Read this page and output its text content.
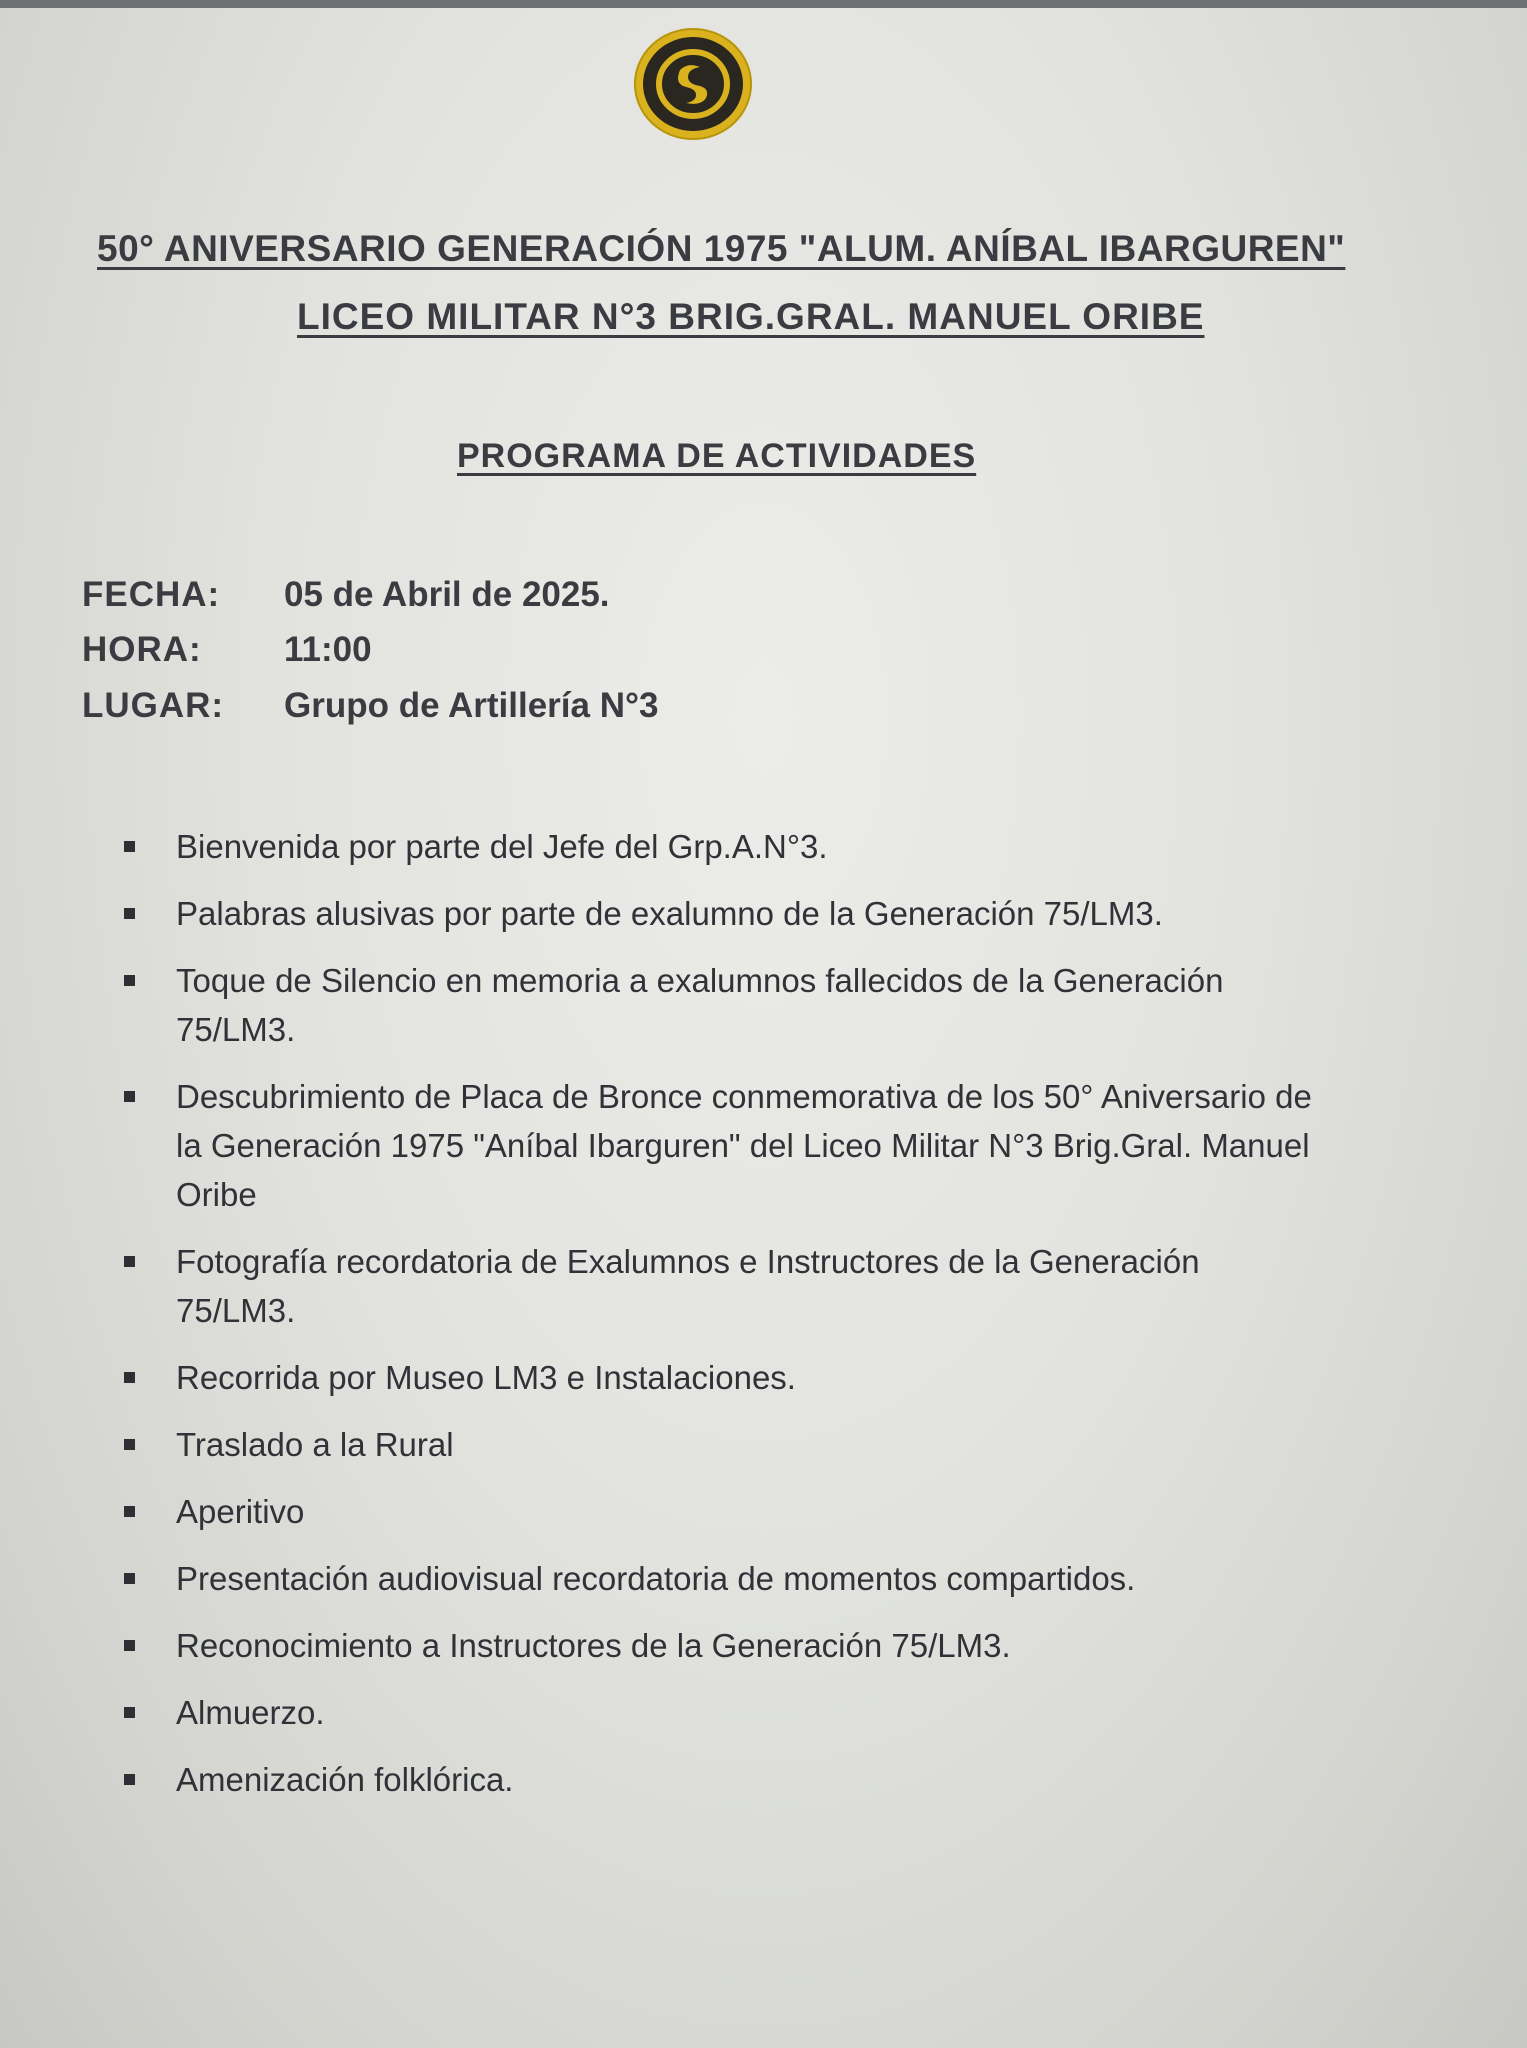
50° ANIVERSARIO GENERACIÓN 1975 "ALUM. ANÍBAL IBARGUREN"
LICEO MILITAR N°3 BRIG.GRAL. MANUEL ORIBE
PROGRAMA DE ACTIVIDADES
FECHA: 05 de Abril de 2025.
HORA: 11:00
LUGAR: Grupo de Artillería N°3
Bienvenida por parte del Jefe del Grp.A.N°3.
Palabras alusivas por parte de exalumno de la Generación 75/LM3.
Toque de Silencio en memoria a exalumnos fallecidos de la Generación 75/LM3.
Descubrimiento de Placa de Bronce conmemorativa de los 50° Aniversario de la Generación 1975 "Aníbal Ibarguren" del Liceo Militar N°3 Brig.Gral. Manuel Oribe
Fotografía recordatoria de Exalumnos e Instructores de la Generación 75/LM3.
Recorrida por Museo LM3 e Instalaciones.
Traslado a la Rural
Aperitivo
Presentación audiovisual recordatoria de momentos compartidos.
Reconocimiento a Instructores de la Generación 75/LM3.
Almuerzo.
Amenización folklórica.
